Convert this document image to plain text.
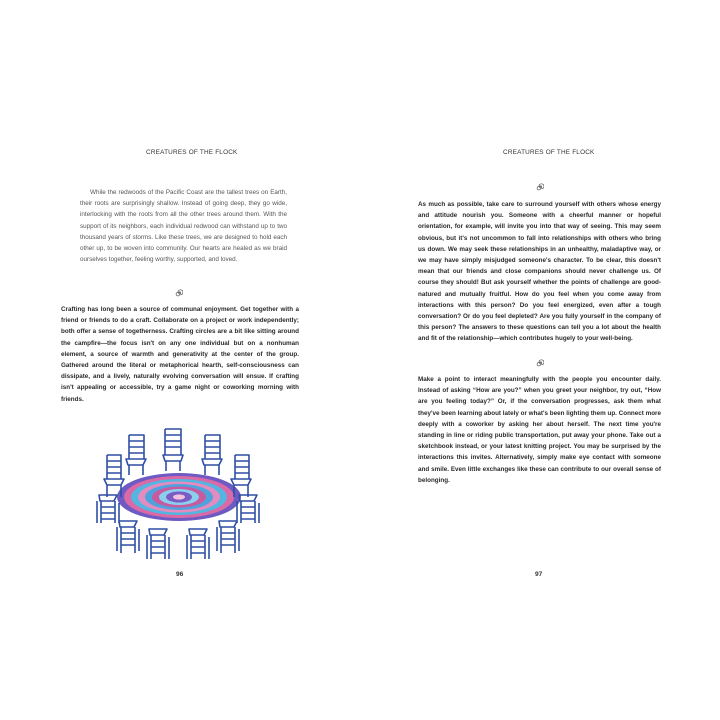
CREATURES OF THE FLOCK

While the redwoods of the Pacific Coast are the tallest trees on Earth, their roots are surprisingly shallow. Instead of going deep, they go wide, interlocking with the roots from all the other trees around them. With the support of its neighbors, each individual redwood can withstand up to two thousand years of storms. Like these trees, we are designed to hold each other up, to be woven into community. Our hearts are healed as we braid ourselves together, feeling worthy, supported, and loved.

Crafting has long been a source of communal enjoyment. Get together with a friend or friends to do a craft. Collaborate on a project or work independently; both offer a sense of togetherness. Crafting circles are a bit like sitting around the campfire—the focus isn't on any one individual but on a nonhuman element, a source of warmth and generativity at the center of the group. Gathered around the literal or metaphorical hearth, self-consciousness can dissipate, and a lively, naturally evolving conversation will ensue. If crafting isn't appealing or accessible, try a game night or coworking morning with friends.

96
CREATURES OF THE FLOCK

As much as possible, take care to surround yourself with others whose energy and attitude nourish you. Someone with a cheerful manner or hopeful orientation, for example, will invite you into that way of seeing. This may seem obvious, but it's not uncommon to fall into relationships with others who bring us down. We may seek these relationships in an unhealthy, maladaptive way, or we may have simply misjudged someone's character. To be clear, this doesn't mean that our friends and close companions should never challenge us. Of course they should! But ask yourself whether the points of challenge are good-natured and mutually fruitful. How do you feel when you come away from interactions with this person? Do you feel energized, even after a tough conversation? Or do you feel depleted? Are you fully yourself in the company of this person? The answers to these questions can tell you a lot about the health and fit of the relationship—which contributes hugely to your well-being.

Make a point to interact meaningfully with the people you encounter daily. Instead of asking “How are you?” when you greet your neighbor, try out, “How are you feeling today?” Or, if the conversation progresses, ask them what they've been learning about lately or what's been lighting them up. Connect more deeply with a coworker by asking her about herself. The next time you're standing in line or riding public transportation, put away your phone. Take out a sketchbook instead, or your latest knitting project. You may be surprised by the interactions this invites. Alternatively, simply make eye contact with someone and smile. Even little exchanges like these can contribute to our overall sense of belonging.

97
